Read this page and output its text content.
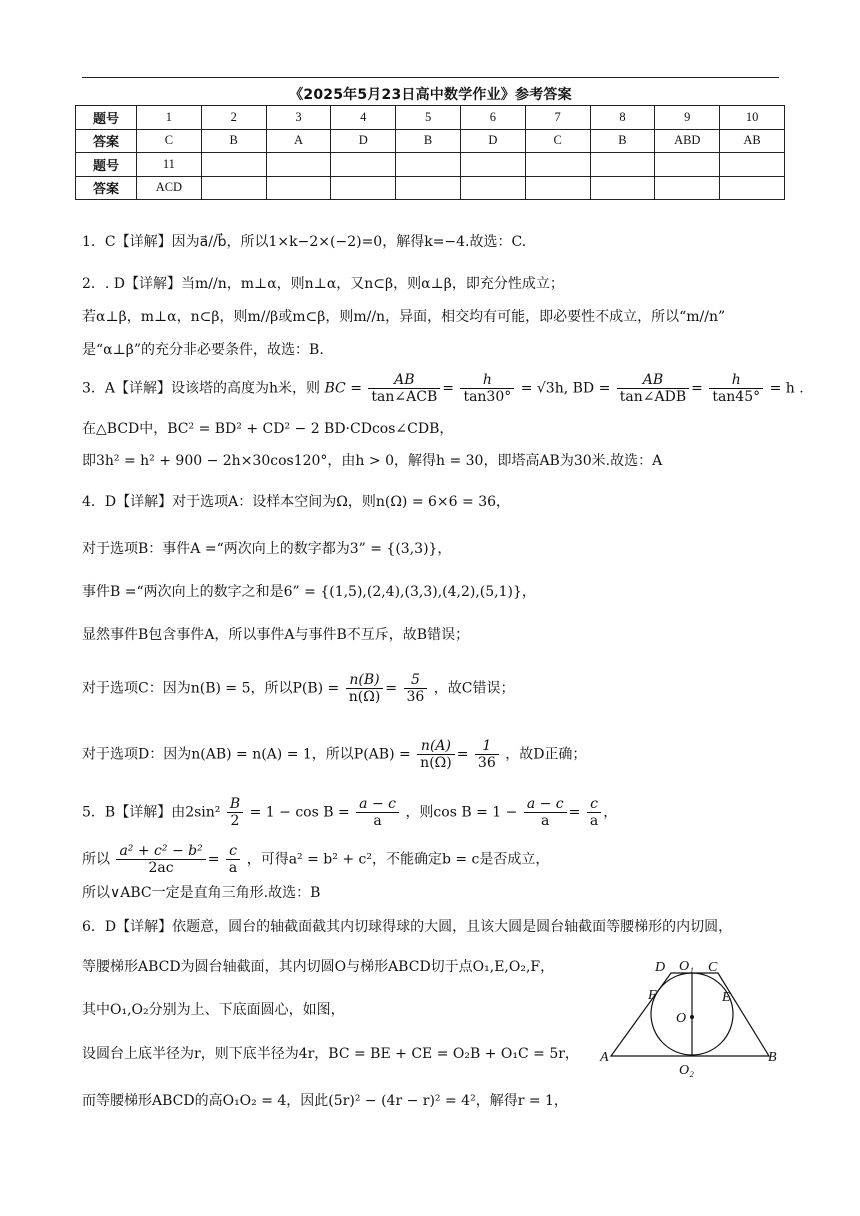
《2025年5月23日高中数学作业》参考答案
题号	1	2	3	4	5	6	7	8	9	10
答案	C	B	A	D	B	D	C	B	ABD	AB
题号	11									
答案	ACD									
1．C【详解】因为a⃗//b⃗，所以1×k−2×(−2)=0，解得k=−4.故选：C.
2．. D【详解】当m//n，m⊥α，则n⊥α，又n⊂β，则α⊥β，即充分性成立；
若α⊥β，m⊥α，n⊂β，则m//β或m⊂β，则m//n，异面，相交均有可能，即必要性不成立，所以“m//n”
是“α⊥β”的充分非必要条件，故选：B.
3．A【详解】设该塔的高度为h米，则 BC = $\frac{AB}{\text{tan∠ACB}} = \frac{h}{\tan 30^\circ} = √3h$, BD = $\frac{AB}{\text{tan∠ADB}} = \frac{h}{\tan 45^\circ} = h$ .
在△BCD中，BC² = BD² + CD² − 2 BD·CDcos∠CDB，
即3h² = h² + 900 − 2h×30cos120°，由h > 0，解得h = 30，即塔高AB为30米.故选：A
4．D【详解】对于选项A：设样本空间为Ω，则n(Ω) = 6×6 = 36，
对于选项B：事件A =“两次向上的数字都为3” = {(3,3)}，
事件B =“两次向上的数字之和是6” = {(1,5),(2,4),(3,3),(4,2),(5,1)}，
显然事件B包含事件A，所以事件A与事件B不互斥，故B错误；
对于选项C：因为n(B) = 5，所以$P(B) = \frac{n(B)}{n(\Omega)} = \frac{5}{36}$ ，故C错误；
对于选项D：因为n(AB) = n(A) = 1，所以$P(AB) = \frac{n(A)}{n(\Omega)} = \frac{1}{36}$ ，故D正确；
5．B【详解】由$2\sin^2 \frac{B}{2} = 1 - \cos B = \frac{a - c}{a}$ ，则$\cos B = 1 - \frac{a - c}{a} = \frac{c}{a}$ ，
所以 $\frac{\text{a² + c² − b²}}{2ac} = \frac{c}{a}$ ，可得a² = b² + c²，不能确定b = c是否成立，
所以∨ABC一定是直角三角形.故选：B
6．D【详解】依题意，圆台的轴截面截其内切球得球的大圆，且该大圆是圆台轴截面等腰梯形的内切圆，
等腰梯形ABCD为圆台轴截面，其内切圆O与梯形ABCD切于点O₁,E,O₂,F，
其中O₁,O₂分别为上、下底面圆心，如图，
设圆台上底半径为r，则下底半径为4r，BC = BE + CE = O₂B + O₁C = 5r，
而等腰梯形ABCD的高O₁O₂ = 4，因此(5r)² − (4r − r)² = 4²，解得r = 1，
A	B
C
D
E
F
O
O₁
O₂
